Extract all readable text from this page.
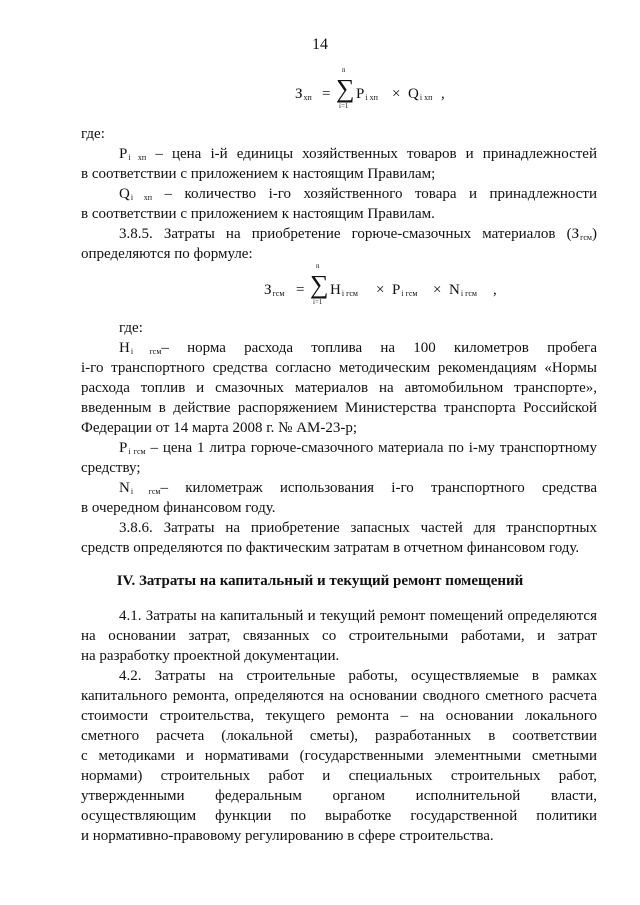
14
$З_{хп}$ =
n
∑
i=1
$P_{i хп} \times Q_{i хп}$ ,
где:
$P_{i хп}$ – цена i-й единицы хозяйственных товаров и принадлежностей
в соответствии с приложением к настоящим Правилам;
$Q_{i хп}$ – количество i-го хозяйственного товара и принадлежности
в соответствии с приложением к настоящим Правилам.
3.8.5. Затраты на приобретение горюче-смазочных материалов $(З_{гсм})$
определяются по формуле:
$З_{гсм}$ =
n
∑
i=1
$H_{i гсм} \times P_{i гсм} \times N_{i гсм}$ ,
где:
$H_{i гсм}-$ норма расхода топлива на 100 километров пробега
i-го транспортного средства согласно методическим рекомендациям «Нормы
расхода топлив и смазочных материалов на автомобильном транспорте»,
введенным в действие распоряжением Министерства транспорта Российской
Федерации от 14 марта 2008 г. № АМ-23-р;
$P_{i гсм}$ – цена 1 литра горюче-смазочного материала по i-му транспортному
средству;
$N_{i гсм}-$ километраж использования i-го транспортного средства
в очередном финансовом году.
3.8.6. Затраты на приобретение запасных частей для транспортных
средств определяются по фактическим затратам в отчетном финансовом году.
IV. Затраты на капитальный и текущий ремонт помещений
4.1. Затраты на капитальный и текущий ремонт помещений определяются
на основании затрат, связанных со строительными работами, и затрат
на разработку проектной документации.
4.2. Затраты на строительные работы, осуществляемые в рамках
капитального ремонта, определяются на основании сводного сметного расчета
стоимости строительства, текущего ремонта – на основании локального
сметного расчета (локальной сметы), разработанных в соответствии
с методиками и нормативами (государственными элементными сметными
нормами) строительных работ и специальных строительных работ,
утвержденными федеральным органом исполнительной власти,
осуществляющим функции по выработке государственной политики
и нормативно-правовому регулированию в сфере строительства.
